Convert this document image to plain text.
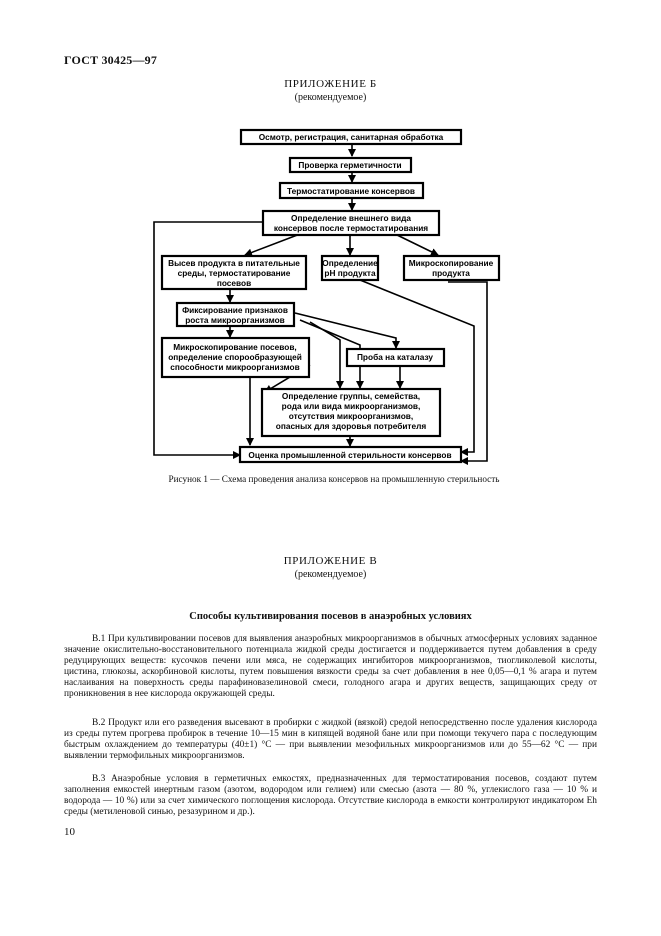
ГОСТ 30425—97
ПРИЛОЖЕНИЕ Б
(рекомендуемое)
Осмотр, регистрация, санитарная обработка
Проверка герметичности
Термостатирование консервов
Определение внешнего вида
консервов после термостатирования
Высев продукта в питательные
среды, термостатирование
посевов
Определение
pH продукта
Микроскопирование
продукта
Фиксирование признаков
роста микроорганизмов
Микроскопирование посевов,
определение спорообразующей
способности микроорганизмов
Проба на каталазу
Определение группы, семейства,
рода или вида микроорганизмов,
отсутствия микроорганизмов,
опасных для здоровья потребителя
Оценка промышленной стерильности консервов
Рисунок 1 — Схема проведения анализа консервов на промышленную стерильность
ПРИЛОЖЕНИЕ В
(рекомендуемое)
Способы культивирования посевов в анаэробных условиях
В.1 При культивировании посевов для выявления анаэробных микроорганизмов в обычных атмосферных условиях заданное значение окислительно-восстановительного потенциала жидкой среды достигается и поддерживается путем добавления в среду редуцирующих веществ: кусочков печени или мяса, не содержащих ингибиторов микроорганизмов, тиогликолевой кислоты, цистина, глюкозы, аскорбиновой кислоты, путем повышения вязкости среды за счет добавления в нее 0,05—0,1 % агара и путем наслаивания на поверхность среды парафиновазелиновой смеси, голодного агара и других веществ, защищающих среду от проникновения в нее кислорода окружающей среды.
В.2 Продукт или его разведения высевают в пробирки с жидкой (вязкой) средой непосредственно после удаления кислорода из среды путем прогрева пробирок в течение 10—15 мин в кипящей водяной бане или при помощи текучего пара с последующим быстрым охлаждением до температуры (40±1) °С — при выявлении мезофильных микроорганизмов или до 55—62 °С — при выявлении термофильных микроорганизмов.
В.3 Анаэробные условия в герметичных емкостях, предназначенных для термостатирования посевов, создают путем заполнения емкостей инертным газом (азотом, водородом или гелием) или смесью (азота — 80 %, углекислого газа — 10 % и водорода — 10 %) или за счет химического поглощения кислорода. Отсутствие кислорода в емкости контролируют индикатором Eh среды (метиленовой синью, резазурином и др.).
10
